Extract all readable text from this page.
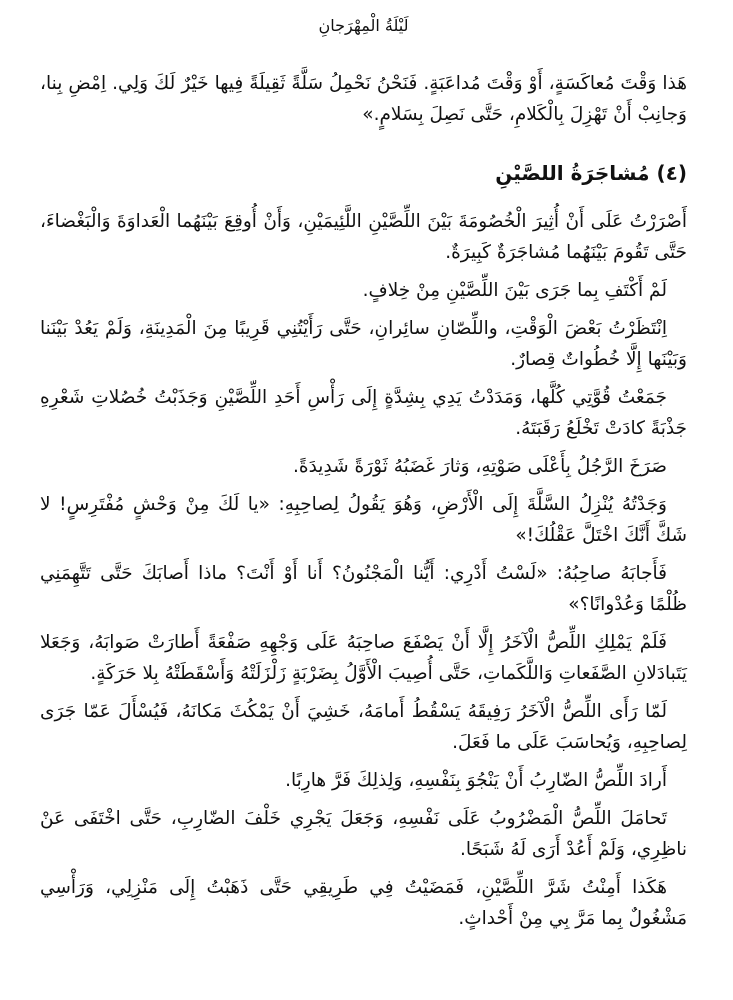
لَيْلَةُ الْمِهْرَجانِ

هَذا وَقْتَ مُعاكَسَةٍ، أَوْ وَقْتَ مُداعَبَةٍ. فَنَحْنُ نَحْمِلُ سَلَّةً ثَقِيلَةً فِيها خَيْرٌ لَكَ وَلِي. اِمْضِ بِنا، وَجانِبْ أَنْ تَهْزِلَ بِالْكَلامِ، حَتَّى نَصِلَ بِسَلامٍ.»

(٤) مُشاجَرَةُ اللصَّيْنِ

أَصْرَرْتُ عَلَى أَنْ أُثِيرَ الْخُصُومَةَ بَيْنَ اللِّصَّيْنِ اللَّئِيمَيْنِ، وَأَنْ أُوقِعَ بَيْنَهُما الْعَداوَةَ وَالْبَغْضاءَ، حَتَّى تَقُومَ بَيْنَهُما مُشاجَرَةٌ كَبِيرَةٌ.

لَمْ أَكْتَفِ بِما جَرَى بَيْنَ اللِّصَّيْنِ مِنْ خِلافٍ.

اِنْتَظَرْتُ بَعْضَ الْوَقْتِ، واللِّصّانِ سائِرانِ، حَتَّى رَأَيْتُنِي قَرِيبًا مِنَ الْمَدِينَةِ، وَلَمْ يَعُدْ بَيْنَنا وَبَيْنَها إِلَّا خُطُواتٌ قِصارٌ.

جَمَعْتُ قُوَّتِي كُلَّها، وَمَدَدْتُ يَدِي بِشِدَّةٍ إِلَى رَأْسِ أَحَدِ اللِّصَّيْنِ وَجَذَبْتُ خُصُلاتِ شَعْرِهِ جَذْبَةً كادَتْ تَخْلَعُ رَقَبَتَهُ.

صَرَخَ الرَّجُلُ بِأَعْلَى صَوْتِهِ، وَثارَ غَضَبُهُ ثَوْرَةً شَدِيدَةً.

وَجَدْتُهُ يُنْزِلُ السَّلَّةَ إِلَى الْأَرْضِ، وَهُوَ يَقُولُ لِصاحِبِهِ: «يا لَكَ مِنْ وَحْشٍ مُفْتَرِسٍ! لا شَكَّ أَنَّكَ اخْتَلَّ عَقْلُكَ!»

فَأَجابَهُ صاحِبُهُ: «لَسْتُ أَدْرِي: أَيُّنا الْمَجْنُونُ؟ أَنا أَوْ أَنْتَ؟ ماذا أَصابَكَ حَتَّى تَتَّهِمَنِي ظُلْمًا وَعُدْوانًا؟»

فَلَمْ يَمْلِكِ اللِّصُّ الْآخَرُ إِلَّا أَنْ يَصْفَعَ صاحِبَهُ عَلَى وَجْهِهِ صَفْعَةً أَطارَتْ صَوابَهُ، وَجَعَلا يَتَبادَلانِ الصَّفَعاتِ وَاللَّكَماتِ، حَتَّى أُصِيبَ الْأَوَّلُ بِضَرْبَةٍ زَلْزَلَتْهُ وَأَسْقَطَتْهُ بِلا حَرَكَةٍ.

لَمّا رَأَى اللِّصُّ الْآخَرُ رَفِيقَهُ يَسْقُطُ أَمامَهُ، خَشِيَ أَنْ يَمْكُثَ مَكانَهُ، فَيُسْأَلَ عَمّا جَرَى لِصاحِبِهِ، وَيُحاسَبَ عَلَى ما فَعَلَ.

أَرادَ اللِّصُّ الضّارِبُ أَنْ يَنْجُوَ بِنَفْسِهِ، وَلِذلِكَ فَرَّ هارِبًا.

تَحامَلَ اللِّصُّ الْمَضْرُوبُ عَلَى نَفْسِهِ، وَجَعَلَ يَجْرِي خَلْفَ الضّارِبِ، حَتَّى اخْتَفَى عَنْ ناظِرِي، وَلَمْ أَعُدْ أَرَى لَهُ شَبَحًا.

هَكَذا أَمِنْتُ شَرَّ اللِّصَّيْنِ، فَمَضَيْتُ فِي طَرِيقِي حَتَّى ذَهَبْتُ إِلَى مَنْزِلِي، وَرَأْسِي مَشْغُولٌ بِما مَرَّ بِي مِنْ أَحْداثٍ.
